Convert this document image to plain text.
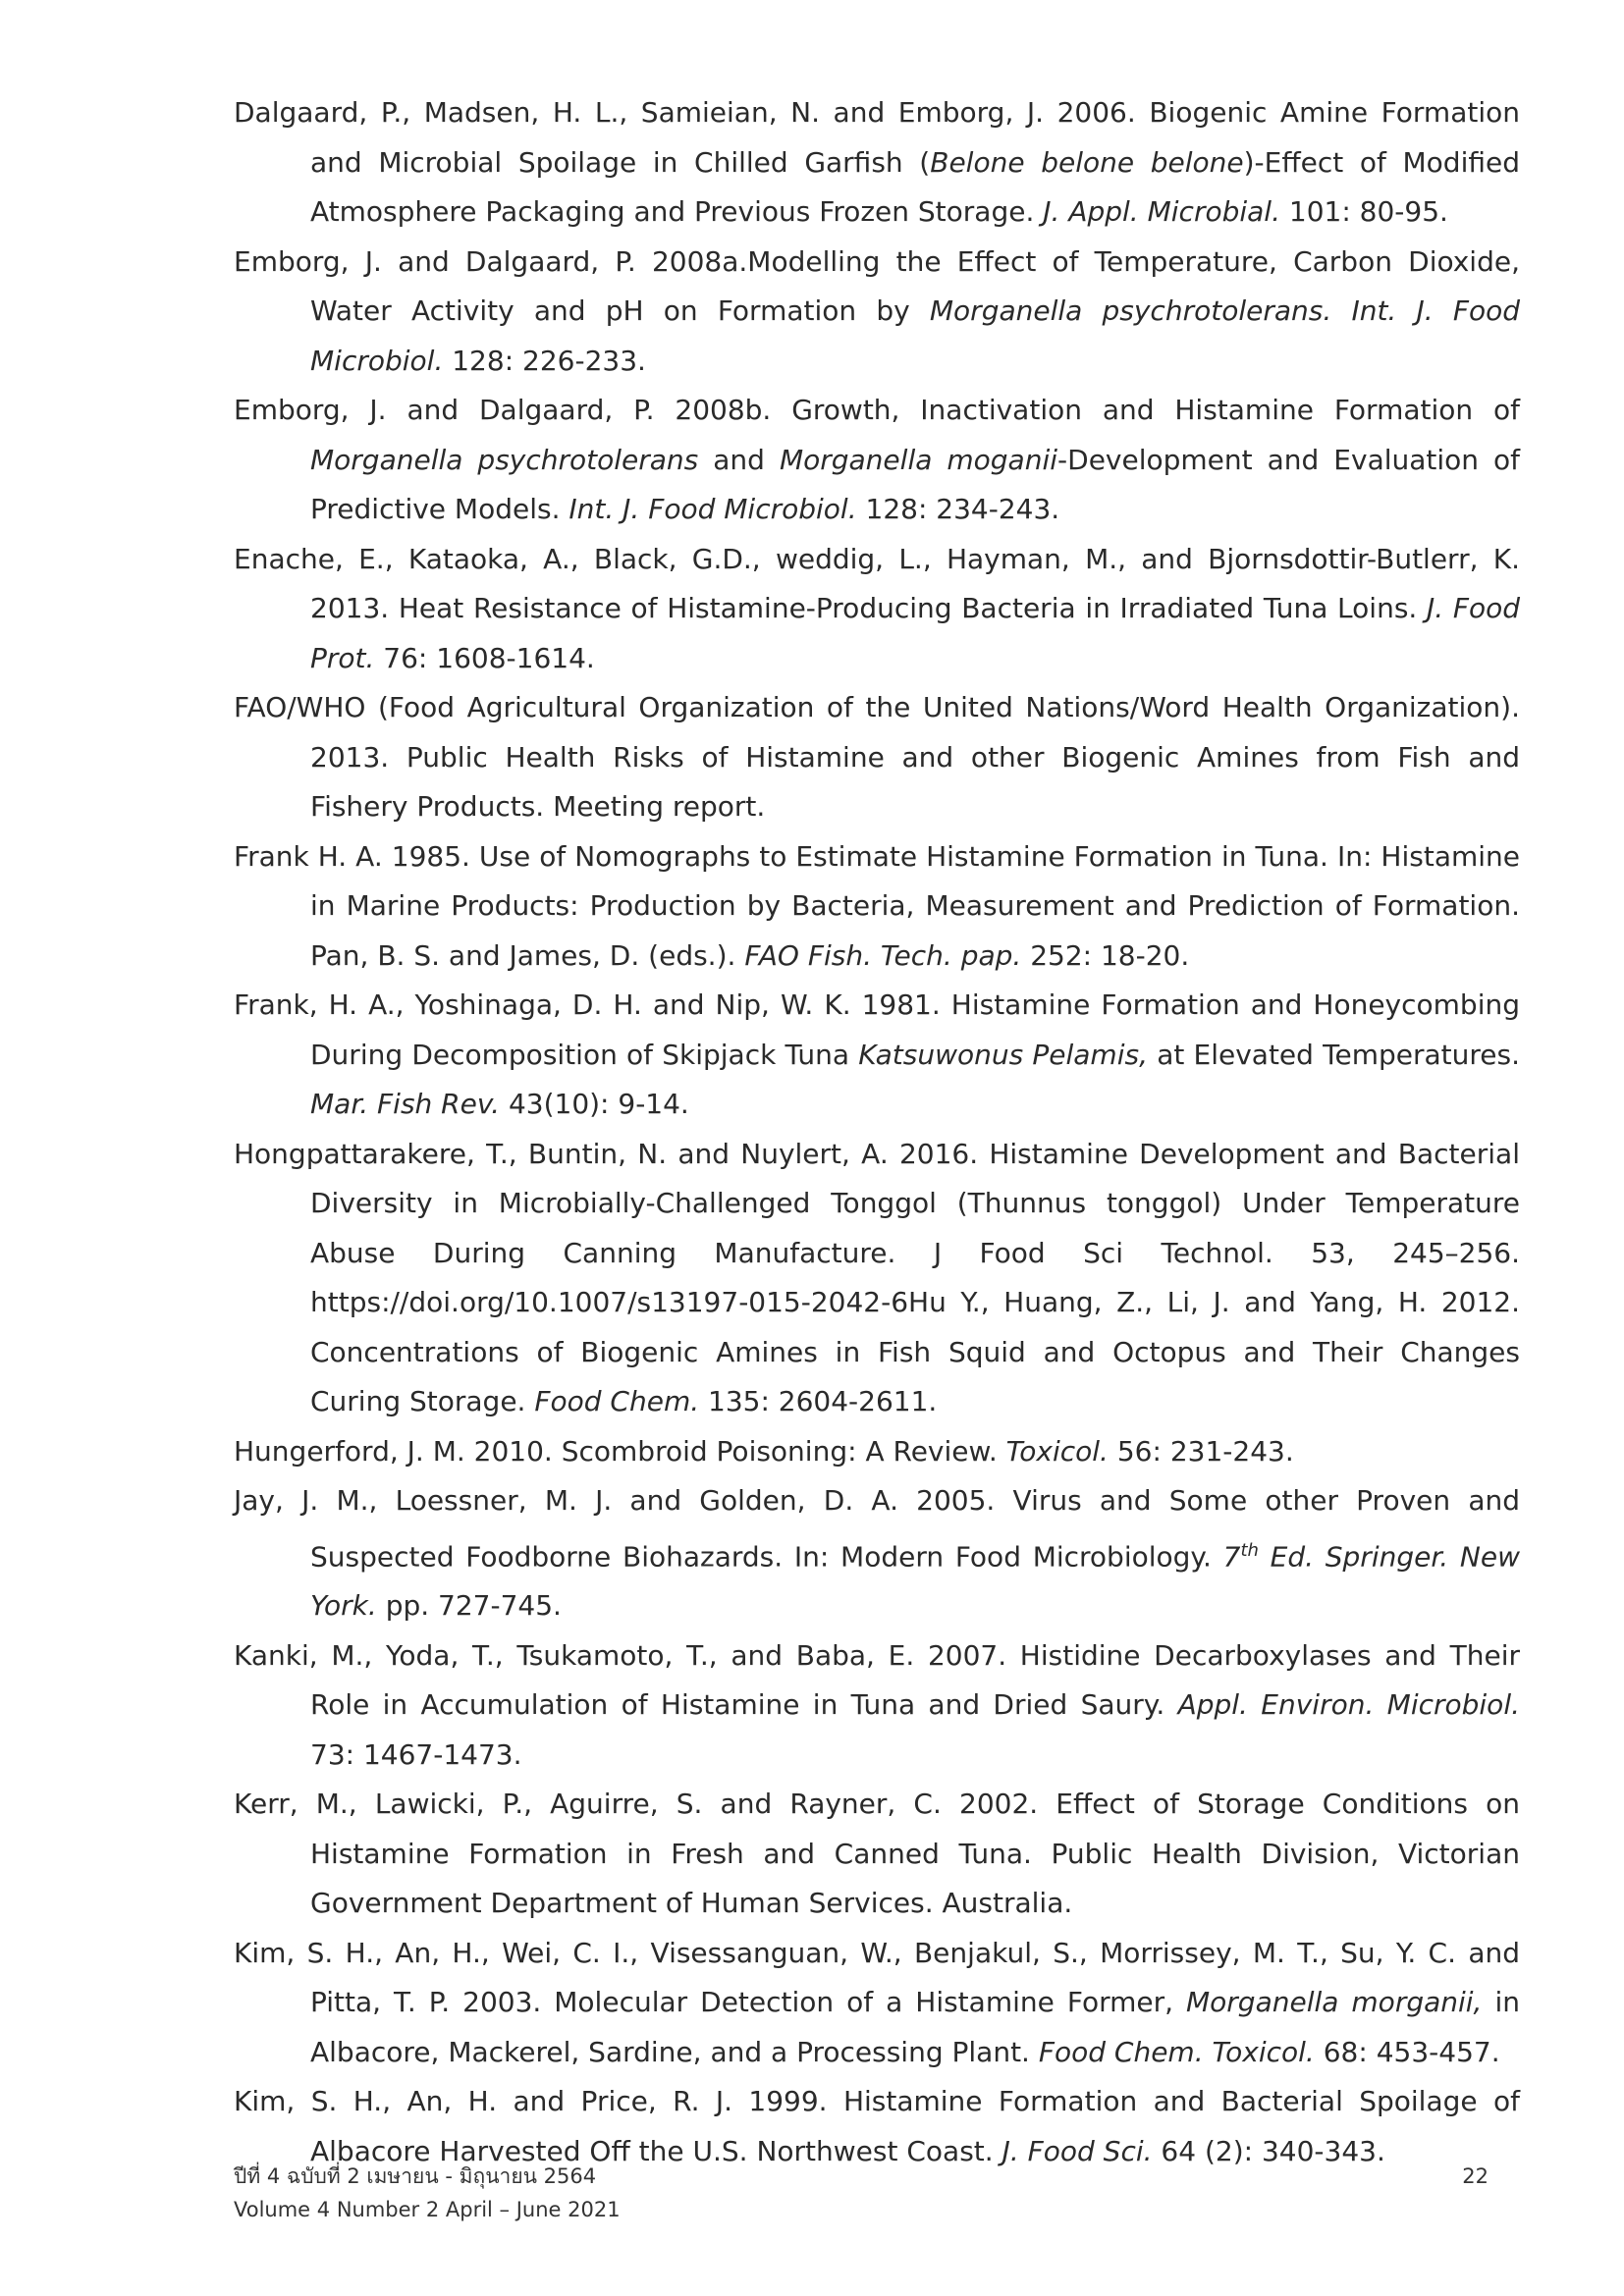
Dalgaard, P., Madsen, H. L., Samieian, N. and Emborg, J. 2006. Biogenic Amine Formation and Microbial Spoilage in Chilled Garfish (Belone belone belone)-Effect of Modified Atmosphere Packaging and Previous Frozen Storage. J. Appl. Microbial. 101: 80-95.

Emborg, J. and Dalgaard, P. 2008a.Modelling the Effect of Temperature, Carbon Dioxide, Water Activity and pH on Formation by Morganella psychrotolerans. Int. J. Food Microbiol. 128: 226-233.

Emborg, J. and Dalgaard, P. 2008b. Growth, Inactivation and Histamine Formation of Morganella psychrotolerans and Morganella moganii-Development and Evaluation of Predictive Models. Int. J. Food Microbiol. 128: 234-243.

Enache, E., Kataoka, A., Black, G.D., weddig, L., Hayman, M., and Bjornsdottir-Butlerr, K. 2013. Heat Resistance of Histamine-Producing Bacteria in Irradiated Tuna Loins. J. Food Prot. 76: 1608-1614.

FAO/WHO (Food Agricultural Organization of the United Nations/Word Health Organization). 2013. Public Health Risks of Histamine and other Biogenic Amines from Fish and Fishery Products. Meeting report.

Frank H. A. 1985. Use of Nomographs to Estimate Histamine Formation in Tuna. In: Histamine in Marine Products: Production by Bacteria, Measurement and Prediction of Formation. Pan, B. S. and James, D. (eds.). FAO Fish. Tech. pap. 252: 18-20.

Frank, H. A., Yoshinaga, D. H. and Nip, W. K. 1981. Histamine Formation and Honeycombing During Decomposition of Skipjack Tuna Katsuwonus Pelamis, at Elevated Temperatures. Mar. Fish Rev. 43(10): 9-14.

Hongpattarakere, T., Buntin, N. and Nuylert, A. 2016. Histamine Development and Bacterial Diversity in Microbially-Challenged Tonggol (Thunnus tonggol) Under Temperature Abuse During Canning Manufacture. J Food Sci Technol. 53, 245–256. https://doi.org/10.1007/s13197-015-2042-6Hu Y., Huang, Z., Li, J. and Yang, H. 2012. Concentrations of Biogenic Amines in Fish Squid and Octopus and Their Changes Curing Storage. Food Chem. 135: 2604-2611.

Hungerford, J. M. 2010. Scombroid Poisoning: A Review. Toxicol. 56: 231-243.

Jay, J. M., Loessner, M. J. and Golden, D. A. 2005. Virus and Some other Proven and Suspected Foodborne Biohazards. In: Modern Food Microbiology. 7th Ed. Springer. New York. pp. 727-745.

Kanki, M., Yoda, T., Tsukamoto, T., and Baba, E. 2007. Histidine Decarboxylases and Their Role in Accumulation of Histamine in Tuna and Dried Saury. Appl. Environ. Microbiol. 73: 1467-1473.

Kerr, M., Lawicki, P., Aguirre, S. and Rayner, C. 2002. Effect of Storage Conditions on Histamine Formation in Fresh and Canned Tuna. Public Health Division, Victorian Government Department of Human Services. Australia.

Kim, S. H., An, H., Wei, C. I., Visessanguan, W., Benjakul, S., Morrissey, M. T., Su, Y. C. and Pitta, T. P. 2003. Molecular Detection of a Histamine Former, Morganella morganii, in Albacore, Mackerel, Sardine, and a Processing Plant. Food Chem. Toxicol. 68: 453-457.

Kim, S. H., An, H. and Price, R. J. 1999. Histamine Formation and Bacterial Spoilage of Albacore Harvested Off the U.S. Northwest Coast. J. Food Sci. 64 (2): 340-343.

ปีที่ 4 ฉบับที่ 2 เมษายน - มิถุนายน 2564
Volume 4 Number 2 April – June 2021
22
